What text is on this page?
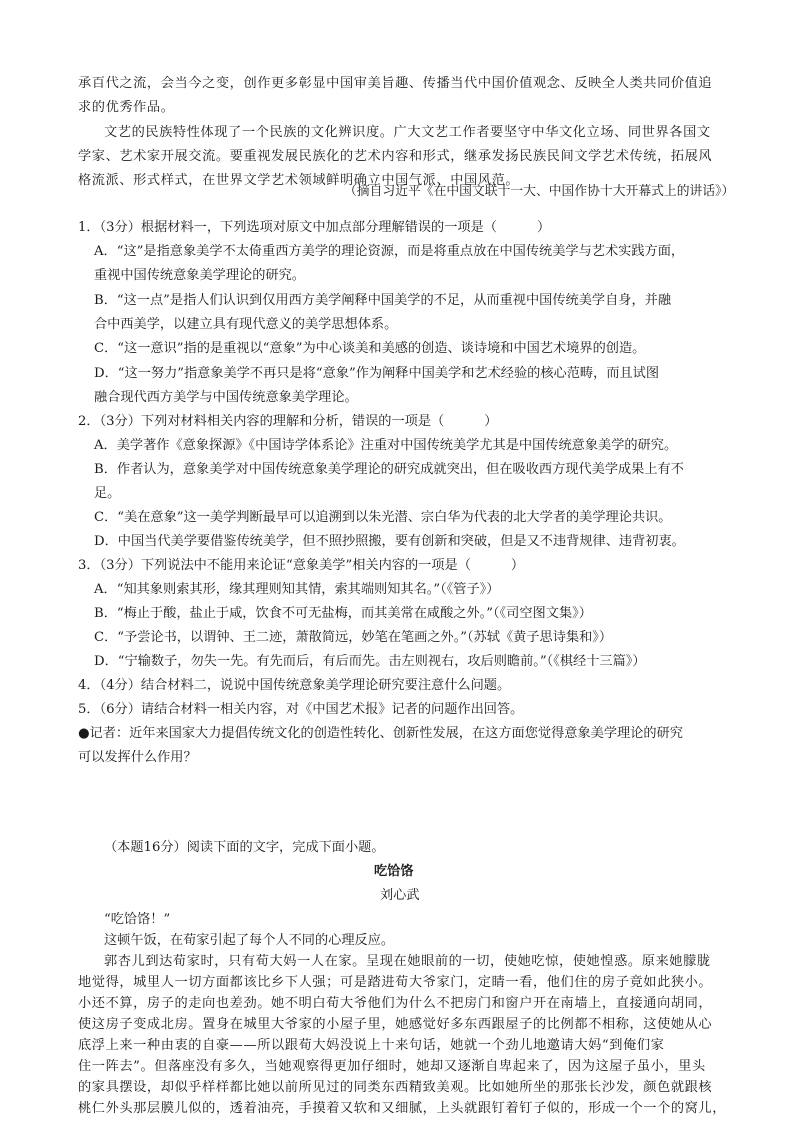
承百代之流，会当今之变，创作更多彰显中国审美旨趣、传播当代中国价值观念、反映全人类共同价值追
求的优秀作品。
文艺的民族特性体现了一个民族的文化辨识度。广大文艺工作者要坚守中华文化立场、同世界各国文
学家、艺术家开展交流。要重视发展民族化的艺术内容和形式，继承发扬民族民间文学艺术传统，拓展风
格流派、形式样式，在世界文学艺术领域鲜明确立中国气派、中国风范。
（摘自习近平《在中国文联十一大、中国作协十大开幕式上的讲话》）
1．（3分）根据材料一，下列选项对原文中加点部分理解错误的一项是（	）
A．“这”是指意象美学不太倚重西方美学的理论资源，而是将重点放在中国传统美学与艺术实践方面，
重视中国传统意象美学理论的研究。
B．“这一点”是指人们认识到仅用西方美学阐释中国美学的不足，从而重视中国传统美学自身，并融
合中西美学，以建立具有现代意义的美学思想体系。
C．“这一意识”指的是重视以“意象”为中心谈美和美感的创造、谈诗境和中国艺术境界的创造。
D．“这一努力”指意象美学不再只是将“意象”作为阐释中国美学和艺术经验的核心范畴，而且试图
融合现代西方美学与中国传统意象美学理论。
2．（3分）下列对材料相关内容的理解和分析，错误的一项是（	）
A．美学著作《意象探源》《中国诗学体系论》注重对中国传统美学尤其是中国传统意象美学的研究。
B．作者认为，意象美学对中国传统意象美学理论的研究成就突出，但在吸收西方现代美学成果上有不
足。
C．“美在意象”这一美学判断最早可以追溯到以朱光潜、宗白华为代表的北大学者的美学理论共识。
D．中国当代美学要借鉴传统美学，但不照抄照搬，要有创新和突破，但是又不违背规律、违背初衷。
3．（3分）下列说法中不能用来论证“意象美学”相关内容的一项是（	）
A．“知其象则索其形，缘其理则知其情，索其端则知其名。”（《管子》）
B．“梅止于酸，盐止于咸，饮食不可无盐梅，而其美常在咸酸之外。”（《司空图文集》）
C．“予尝论书，以谓钟、王二迹，萧散简远，妙笔在笔画之外。”（苏轼《黄子思诗集和》）
D．“宁输数子，勿失一先。有先而后，有后而先。击左则视右，攻后则瞻前。”（《棋经十三篇》）
4．（4分）结合材料二，说说中国传统意象美学理论研究要注意什么问题。
5．（6分）请结合材料一相关内容，对《中国艺术报》记者的问题作出回答。
●记者：近年来国家大力提倡传统文化的创造性转化、创新性发展，在这方面您觉得意象美学理论的研究
可以发挥什么作用？
（本题16分）阅读下面的文字，完成下面小题。
吃饸饹
刘心武
“吃饸饹！”
这顿午饭，在荀家引起了每个人不同的心理反应。
郭杏儿到达荀家时，只有荀大妈一人在家。呈现在她眼前的一切，使她吃惊，使她惶惑。原来她朦胧
地觉得，城里人一切方面都该比乡下人强；可是踏进荀大爷家门，定睛一看，他们住的房子竟如此狭小。
小还不算，房子的走向也差劲。她不明白荀大爷他们为什么不把房门和窗户开在南墙上，直接通向胡同，
使这房子变成北房。置身在城里大爷家的小屋子里，她感觉好多东西跟屋子的比例都不相称，这使她从心
底浮上来一种由衷的自豪——所以跟荀大妈没说上十来句话，她就一个劲儿地邀请大妈“到俺们家
住一阵去”。但落座没有多久，当她观察得更加仔细时，她却又逐渐自卑起来了，因为这屋子虽小，里头
的家具摆设，却似乎样样都比她以前所见过的同类东西精致美观。比如她所坐的那张长沙发，颜色就跟核
桃仁外头那层膜儿似的，透着油亮，手摸着又软和又细腻，上头就跟钉着钉子似的，形成一个一个的窝儿，
